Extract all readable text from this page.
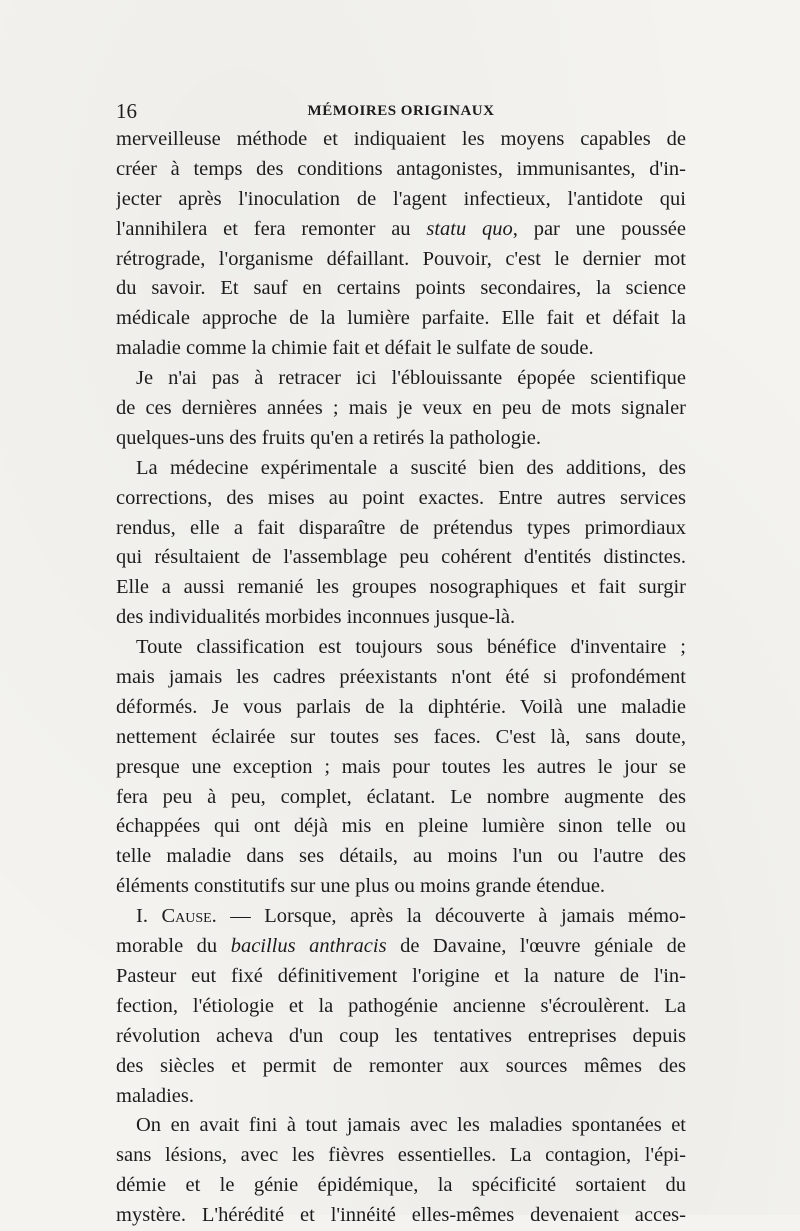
16	MÉMOIRES ORIGINAUX
merveilleuse méthode et indiquaient les moyens capables de
créer à temps des conditions antagonistes, immunisantes, d'in-
jecter après l'inoculation de l'agent infectieux, l'antidote qui
l'annihilera et fera remonter au statu quo, par une poussée
rétrograde, l'organisme défaillant. Pouvoir, c'est le dernier mot
du savoir. Et sauf en certains points secondaires, la science
médicale approche de la lumière parfaite. Elle fait et défait la
maladie comme la chimie fait et défait le sulfate de soude.
Je n'ai pas à retracer ici l'éblouissante épopée scientifique
de ces dernières années ; mais je veux en peu de mots signaler
quelques-uns des fruits qu'en a retirés la pathologie.
La médecine expérimentale a suscité bien des additions, des
corrections, des mises au point exactes. Entre autres services
rendus, elle a fait disparaître de prétendus types primordiaux
qui résultaient de l'assemblage peu cohérent d'entités distinctes.
Elle a aussi remanié les groupes nosographiques et fait surgir
des individualités morbides inconnues jusque-là.
Toute classification est toujours sous bénéfice d'inventaire ;
mais jamais les cadres préexistants n'ont été si profondément
déformés. Je vous parlais de la diphtérie. Voilà une maladie
nettement éclairée sur toutes ses faces. C'est là, sans doute,
presque une exception ; mais pour toutes les autres le jour se
fera peu à peu, complet, éclatant. Le nombre augmente des
échappées qui ont déjà mis en pleine lumière sinon telle ou
telle maladie dans ses détails, au moins l'un ou l'autre des
éléments constitutifs sur une plus ou moins grande étendue.
I. Cause. — Lorsque, après la découverte à jamais mémo-
morable du bacillus anthracis de Davaine, l'œuvre géniale de
Pasteur eut fixé définitivement l'origine et la nature de l'in-
fection, l'étiologie et la pathogénie ancienne s'écroulèrent. La
révolution acheva d'un coup les tentatives entreprises depuis
des siècles et permit de remonter aux sources mêmes des
maladies.
On en avait fini à tout jamais avec les maladies spontanées et
sans lésions, avec les fièvres essentielles. La contagion, l'épi-
démie et le génie épidémique, la spécificité sortaient du
mystère. L'hérédité et l'innéité elles-mêmes devenaient acces-
